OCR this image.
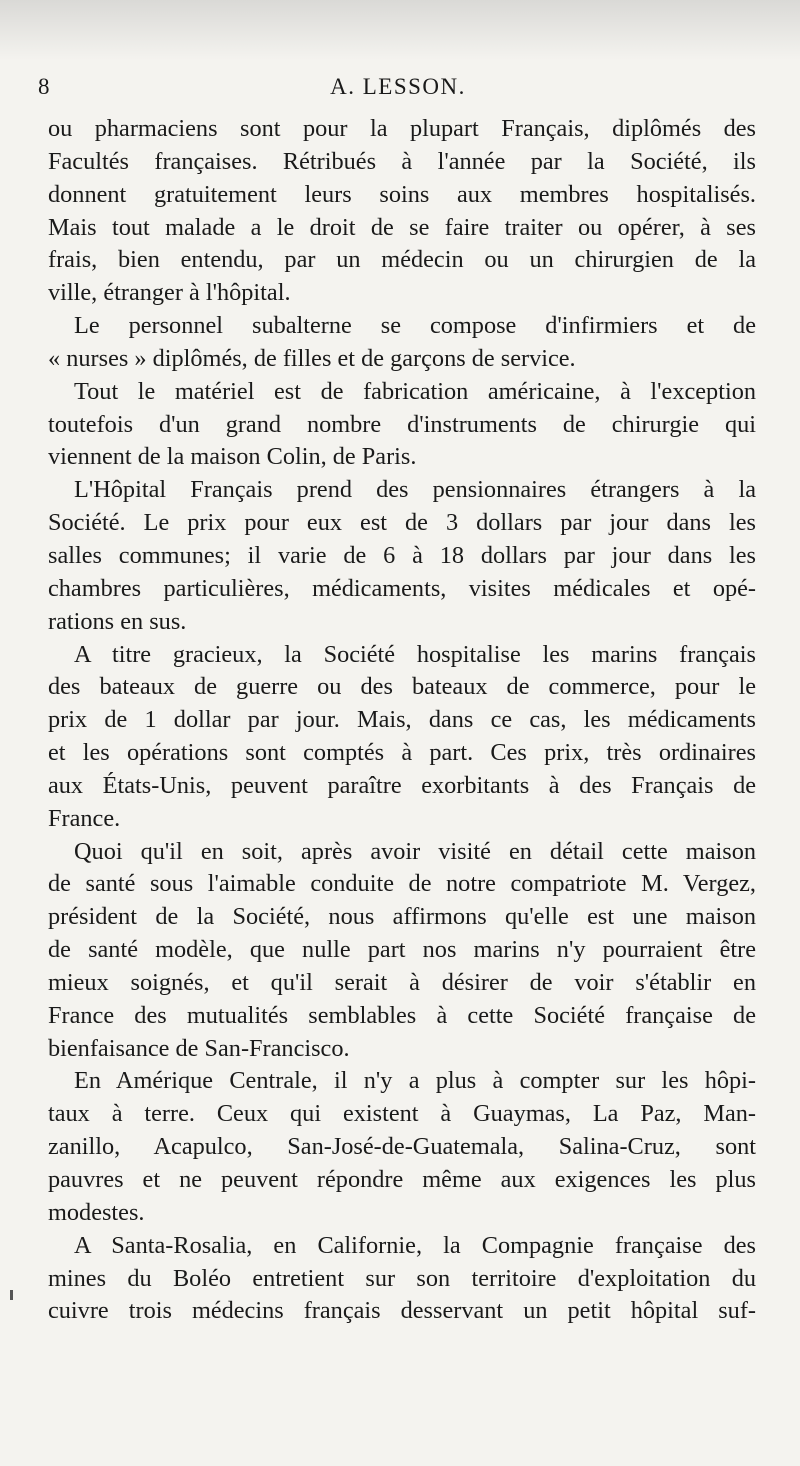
8	A. LESSON.
ou pharmaciens sont pour la plupart Français, diplômés des
Facultés françaises. Rétribués à l'année par la Société, ils
donnent gratuitement leurs soins aux membres hospitalisés.
Mais tout malade a le droit de se faire traiter ou opérer, à ses
frais, bien entendu, par un médecin ou un chirurgien de la
ville, étranger à l'hôpital.
Le personnel subalterne se compose d'infirmiers et de
« nurses » diplômés, de filles et de garçons de service.
Tout le matériel est de fabrication américaine, à l'exception
toutefois d'un grand nombre d'instruments de chirurgie qui
viennent de la maison Colin, de Paris.
L'Hôpital Français prend des pensionnaires étrangers à la
Société. Le prix pour eux est de 3 dollars par jour dans les
salles communes; il varie de 6 à 18 dollars par jour dans les
chambres particulières, médicaments, visites médicales et opé-
rations en sus.
A titre gracieux, la Société hospitalise les marins français
des bateaux de guerre ou des bateaux de commerce, pour le
prix de 1 dollar par jour. Mais, dans ce cas, les médicaments
et les opérations sont comptés à part. Ces prix, très ordinaires
aux États-Unis, peuvent paraître exorbitants à des Français de
France.
Quoi qu'il en soit, après avoir visité en détail cette maison
de santé sous l'aimable conduite de notre compatriote M. Vergez,
président de la Société, nous affirmons qu'elle est une maison
de santé modèle, que nulle part nos marins n'y pourraient être
mieux soignés, et qu'il serait à désirer de voir s'établir en
France des mutualités semblables à cette Société française de
bienfaisance de San-Francisco.
En Amérique Centrale, il n'y a plus à compter sur les hôpi-
taux à terre. Ceux qui existent à Guaymas, La Paz, Man-
zanillo, Acapulco, San-José-de-Guatemala, Salina-Cruz, sont
pauvres et ne peuvent répondre même aux exigences les plus
modestes.
A Santa-Rosalia, en Californie, la Compagnie française des
mines du Boléo entretient sur son territoire d'exploitation du
cuivre trois médecins français desservant un petit hôpital suf-
